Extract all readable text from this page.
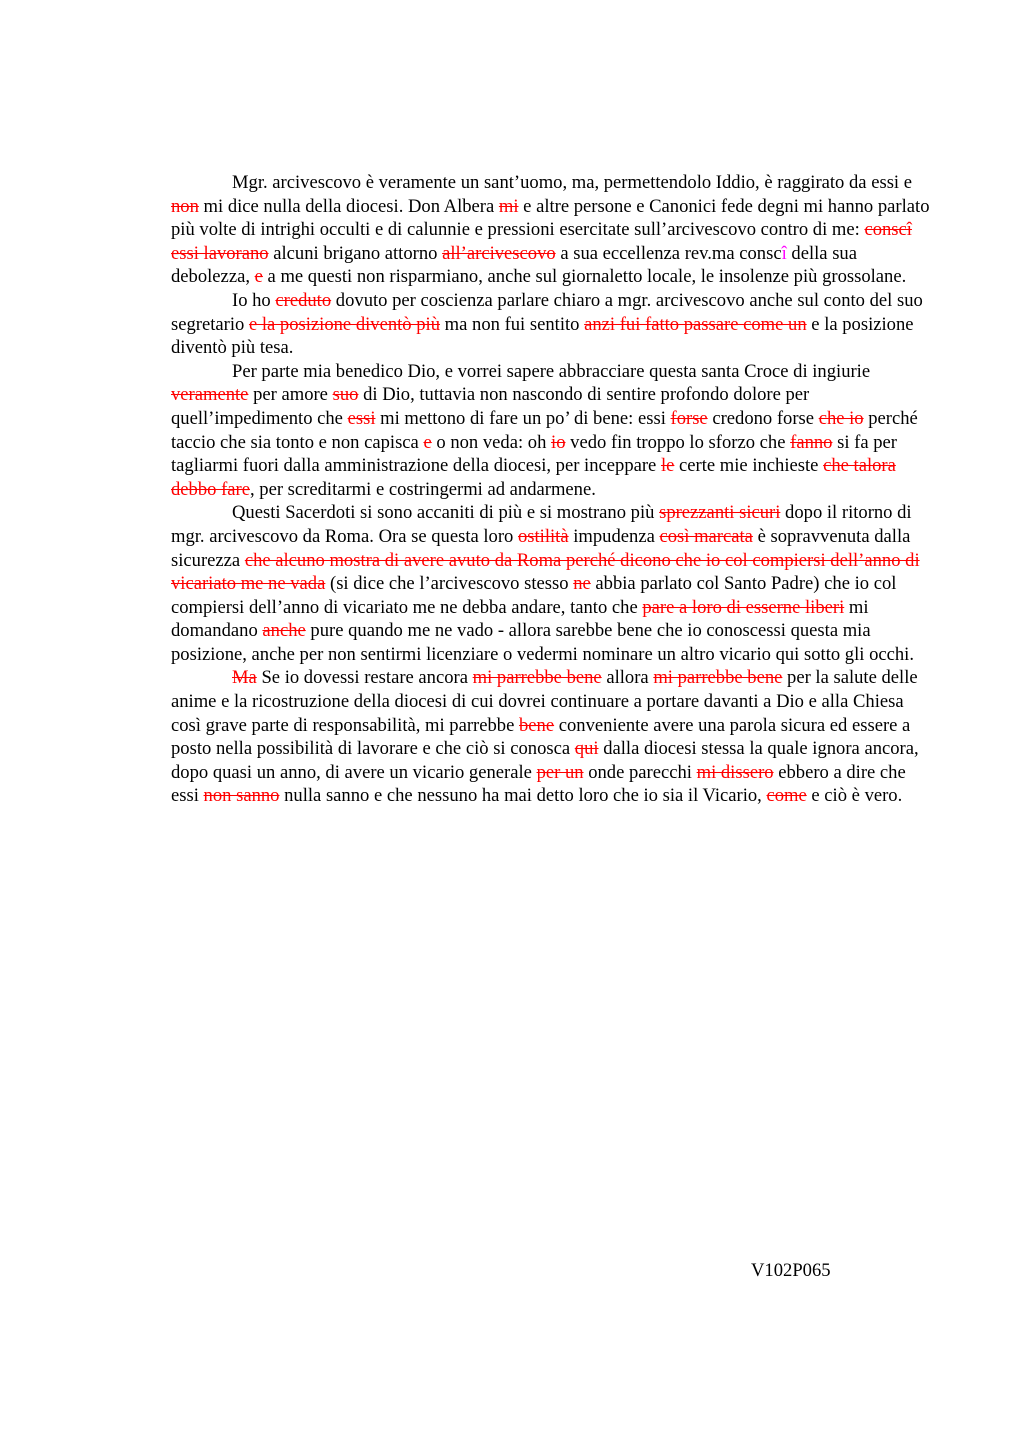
Mgr. arcivescovo è veramente un sant’uomo, ma, permettendolo Iddio, è raggirato da essi e non mi dice nulla della diocesi. Don Albera mi e altre persone e Canonici fede degni mi hanno parlato più volte di intrighi occulti e di calunnie e pressioni esercitate sull’arcivescovo contro di me: conscî essi lavorano alcuni brigano attorno all’arcivescovo a sua eccellenza rev.ma conscî della sua debolezza, e a me questi non risparmiano, anche sul giornaletto locale, le insolenze più grossolane.

Io ho creduto dovuto per coscienza parlare chiaro a mgr. arcivescovo anche sul conto del suo segretario e la posizione diventò più ma non fui sentito anzi fui fatto passare come un e la posizione diventò più tesa.

Per parte mia benedico Dio, e vorrei sapere abbracciare questa santa Croce di ingiurie veramente per amore suo di Dio, tuttavia non nascondo di sentire profondo dolore per quell’impedimento che essi mi mettono di fare un po’ di bene: essi forse credono forse che io perché taccio che sia tonto e non capisca e o non veda: oh io vedo fin troppo lo sforzo che fanno si fa per tagliarmi fuori dalla amministrazione della diocesi, per inceppare le certe mie inchieste che talora debbo fare, per screditarmi e costringermi ad andarmene.

Questi Sacerdoti si sono accaniti di più e si mostrano più sprezzanti sicuri dopo il ritorno di mgr. arcivescovo da Roma. Ora se questa loro ostilità impudenza così marcata è sopravvenuta dalla sicurezza che alcuno mostra di avere avuto da Roma perché dicono che io col compiersi dell’anno di vicariato me ne vada (si dice che l’arcivescovo stesso ne abbia parlato col Santo Padre) che io col compiersi dell’anno di vicariato me ne debba andare, tanto che pare a loro di esserne liberi mi domandano anche pure quando me ne vado - allora sarebbe bene che io conoscessi questa mia posizione, anche per non sentirmi licenziare o vedermi nominare un altro vicario qui sotto gli occhi.

Ma Se io dovessi restare ancora mi parrebbe bene allora mi parrebbe bene per la salute delle anime e la ricostruzione della diocesi di cui dovrei continuare a portare davanti a Dio e alla Chiesa così grave parte di responsabilità, mi parrebbe bene conveniente avere una parola sicura ed essere a posto nella possibilità di lavorare e che ciò si conosca qui dalla diocesi stessa la quale ignora ancora, dopo quasi un anno, di avere un vicario generale per un onde parecchi mi dissero ebbero a dire che essi non sanno nulla sanno e che nessuno ha mai detto loro che io sia il Vicario, come e ciò è vero.

V102P065
